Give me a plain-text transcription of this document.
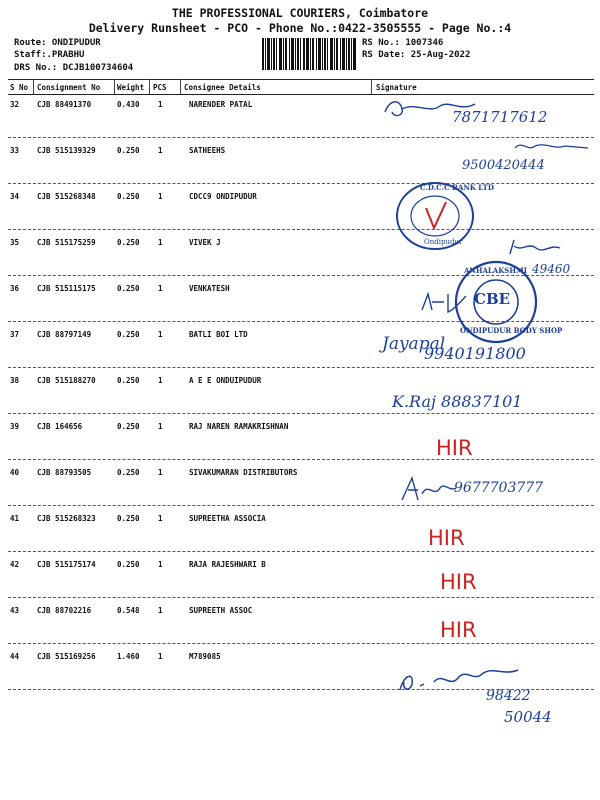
THE PROFESSIONAL COURIERS, Coimbatore
Delivery Runsheet - PCO - Phone No.:0422-3505555 - Page No.:4
Route: ONDIPUDUR
Staff:.PRABHU
DRS No.: DCJB100734604
RS No.: 1007346
RS Date: 25-Aug-2022
S No Consignment No Weight PCS Consignee Details	Signature
32 CJB 88491370	0.430 1	NARENDER PATAL
33 CJB 515139329	0.250 1	SATHEEHS
34 CJB 515268348	0.250 1	CDCC9 ONDIPUDUR
35 CJB 515175259	0.250 1	VIVEK J
36 CJB 515115175	0.250 1	VENKATESH
37 CJB 88797149	0.250 1	BATLI BOI LTD
38 CJB 515188270	0.250 1	A E E ONDUIPUDUR
39 CJB 164656	0.250 1	RAJ NAREN RAMAKRISHNAN
40 CJB 88793505	0.250 1	SIVAKUMARAN DISTRIBUTORS
41 CJB 515268323	0.250 1	SUPREETHA ASSOCIA
42 CJB 515175174	0.250 1	RAJA RAJESHWARI B
43 CJB 88702216	0.548 1	SUPREETH ASSOC
44 CJB 515169256	1.460 1	M789085
7871717612
9500420444
C.D.C.C BANK LTD
Ondipudur
49460
CBE
ANHALAKSHMI
ONDIPUDUR BODY SHOP
Jayapal
9940191800
K.Raj 88837101
HIR
9677703777
HIR
HIR
HIR
98422
50044
